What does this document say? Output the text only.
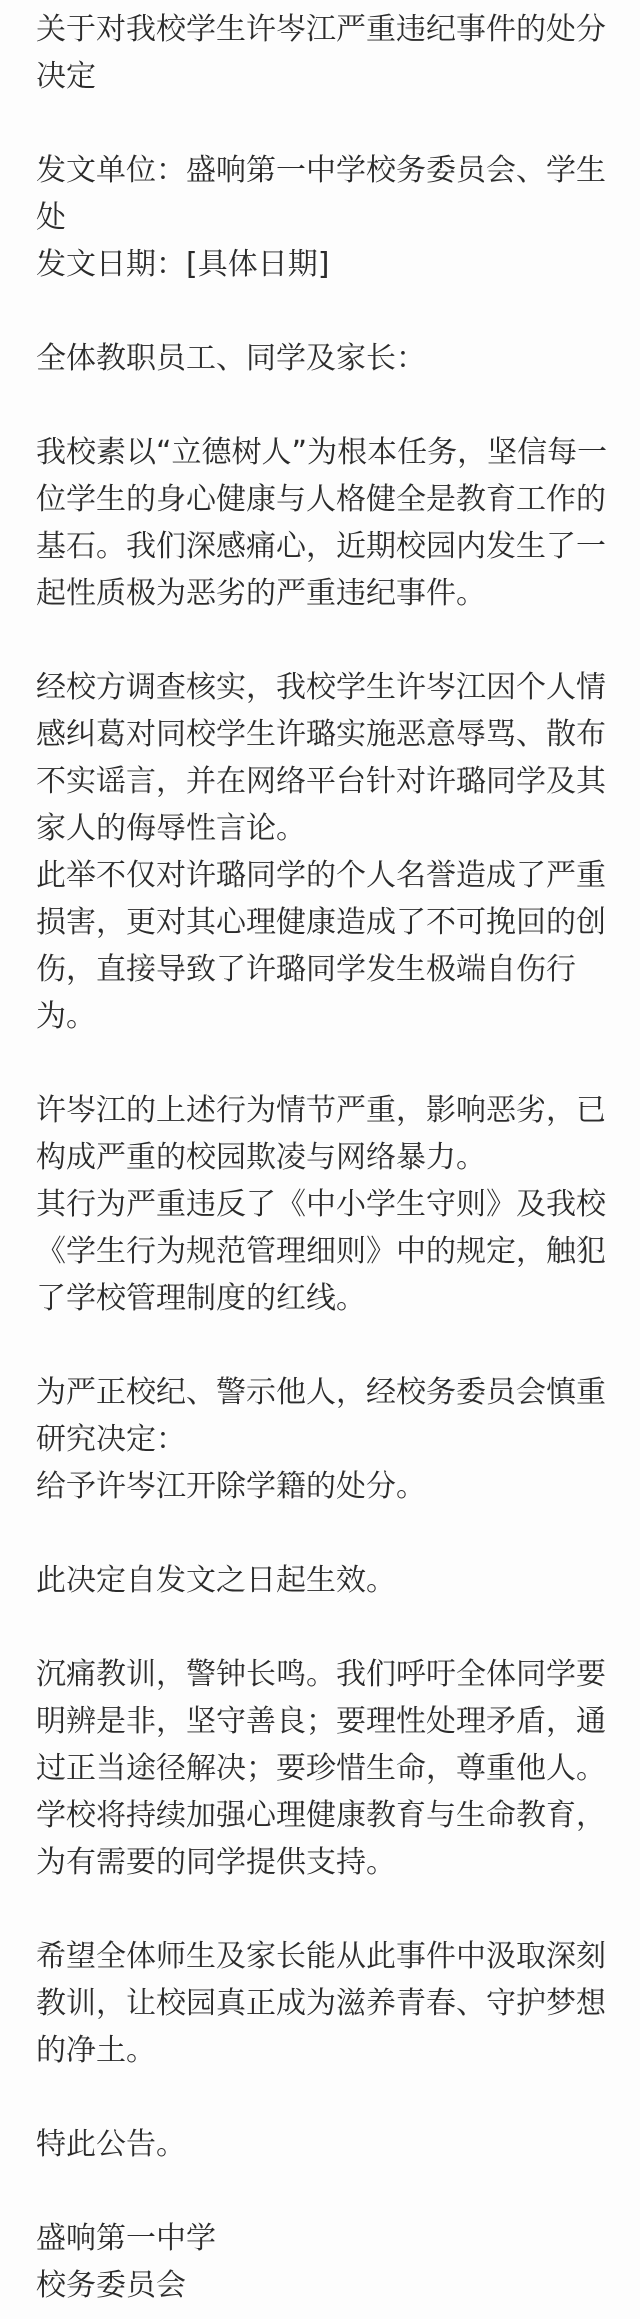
关于对我校学生许岑江严重违纪事件的处分决定
发文单位：盛响第一中学校务委员会、学生处
发文日期：[具体日期]
全体教职员工、同学及家长：
我校素以“立德树人”为根本任务，坚信每一位学生的身心健康与人格健全是教育工作的基石。我们深感痛心，近期校园内发生了一起性质极为恶劣的严重违纪事件。
经校方调查核实，我校学生许岑江因个人情感纠葛对同校学生许璐实施恶意辱骂、散布不实谣言，并在网络平台针对许璐同学及其家人的侮辱性言论。
此举不仅对许璐同学的个人名誉造成了严重损害，更对其心理健康造成了不可挽回的创伤，直接导致了许璐同学发生极端自伤行为。
许岑江的上述行为情节严重，影响恶劣，已构成严重的校园欺凌与网络暴力。
其行为严重违反了《中小学生守则》及我校《学生行为规范管理细则》中的规定，触犯了学校管理制度的红线。
为严正校纪、警示他人，经校务委员会慎重研究决定：
给予许岑江开除学籍的处分。
此决定自发文之日起生效。
沉痛教训，警钟长鸣。我们呼吁全体同学要明辨是非，坚守善良；要理性处理矛盾，通过正当途径解决；要珍惜生命，尊重他人。
学校将持续加强心理健康教育与生命教育，为有需要的同学提供支持。
希望全体师生及家长能从此事件中汲取深刻教训，让校园真正成为滋养青春、守护梦想的净土。
特此公告。
盛响第一中学
校务委员会
